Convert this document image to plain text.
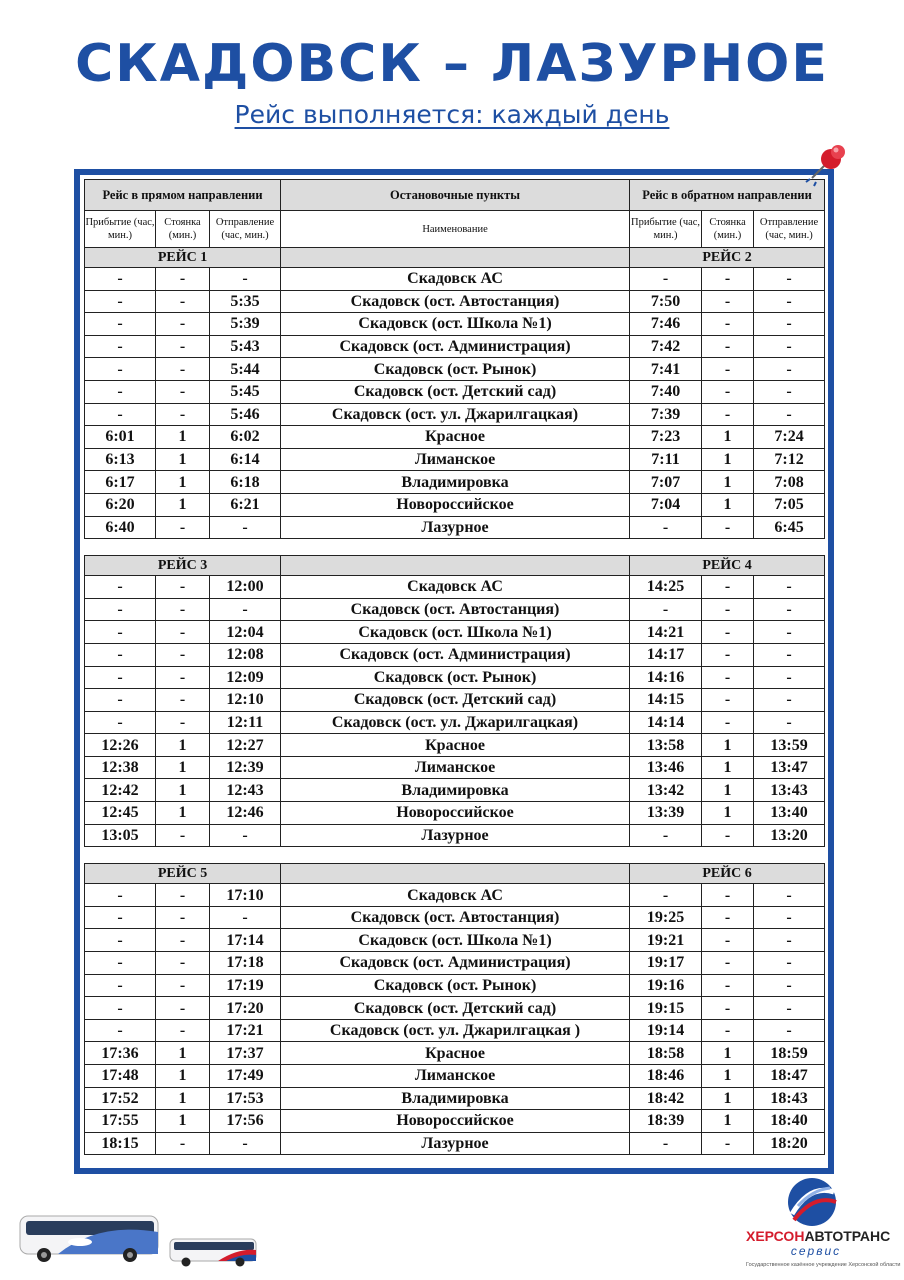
СКАДОВСК – ЛАЗУРНОЕ
Рейс выполняется: каждый день
Рейс в прямом направлении			Остановочные пункты	Рейс в обратном направлении		
Прибытие (час, мин.)	Стоянка (мин.)	Отправление (час, мин.)	Наименование	Прибытие (час, мин.)	Стоянка (мин.)	Отправление (час, мин.)
РЕЙС 1				РЕЙС 2		
-	-	-	Скадовск АС	-	-	-
-	-	5:35	Скадовск (ост. Автостанция)	7:50	-	-
-	-	5:39	Скадовск (ост. Школа №1)	7:46	-	-
-	-	5:43	Скадовск (ост. Администрация)	7:42	-	-
-	-	5:44	Скадовск (ост. Рынок)	7:41	-	-
-	-	5:45	Скадовск (ост. Детский сад)	7:40	-	-
-	-	5:46	Скадовск (ост. ул. Джарилгацкая)	7:39	-	-
6:01	1	6:02	Красное	7:23	1	7:24
6:13	1	6:14	Лиманское	7:11	1	7:12
6:17	1	6:18	Владимировка	7:07	1	7:08
6:20	1	6:21	Новороссийское	7:04	1	7:05
6:40	-	-	Лазурное	-	-	6:45

РЕЙС 3				РЕЙС 4		
-	-	12:00	Скадовск АС	14:25	-	-
-	-	-	Скадовск (ост. Автостанция)	-	-	-
-	-	12:04	Скадовск (ост. Школа №1)	14:21	-	-
-	-	12:08	Скадовск (ост. Администрация)	14:17	-	-
-	-	12:09	Скадовск (ост. Рынок)	14:16	-	-
-	-	12:10	Скадовск (ост. Детский сад)	14:15	-	-
-	-	12:11	Скадовск (ост. ул. Джарилгацкая)	14:14	-	-
12:26	1	12:27	Красное	13:58	1	13:59
12:38	1	12:39	Лиманское	13:46	1	13:47
12:42	1	12:43	Владимировка	13:42	1	13:43
12:45	1	12:46	Новороссийское	13:39	1	13:40
13:05	-	-	Лазурное	-	-	13:20

РЕЙС 5				РЕЙС 6		
-	-	17:10	Скадовск АС	-	-	-
-	-	-	Скадовск (ост. Автостанция)	19:25	-	-
-	-	17:14	Скадовск (ост. Школа №1)	19:21	-	-
-	-	17:18	Скадовск (ост. Администрация)	19:17	-	-
-	-	17:19	Скадовск (ост. Рынок)	19:16	-	-
-	-	17:20	Скадовск (ост. Детский сад)	19:15	-	-
-	-	17:21	Скадовск (ост. ул. Джарилгацкая )	19:14	-	-
17:36	1	17:37	Красное	18:58	1	18:59
17:48	1	17:49	Лиманское	18:46	1	18:47
17:52	1	17:53	Владимировка	18:42	1	18:43
17:55	1	17:56	Новороссийское	18:39	1	18:40
18:15	-	-	Лазурное	-	-	18:20
ХЕРСОНАВТОТРАНС
сервис
Государственное казённое учреждение Херсонской области
